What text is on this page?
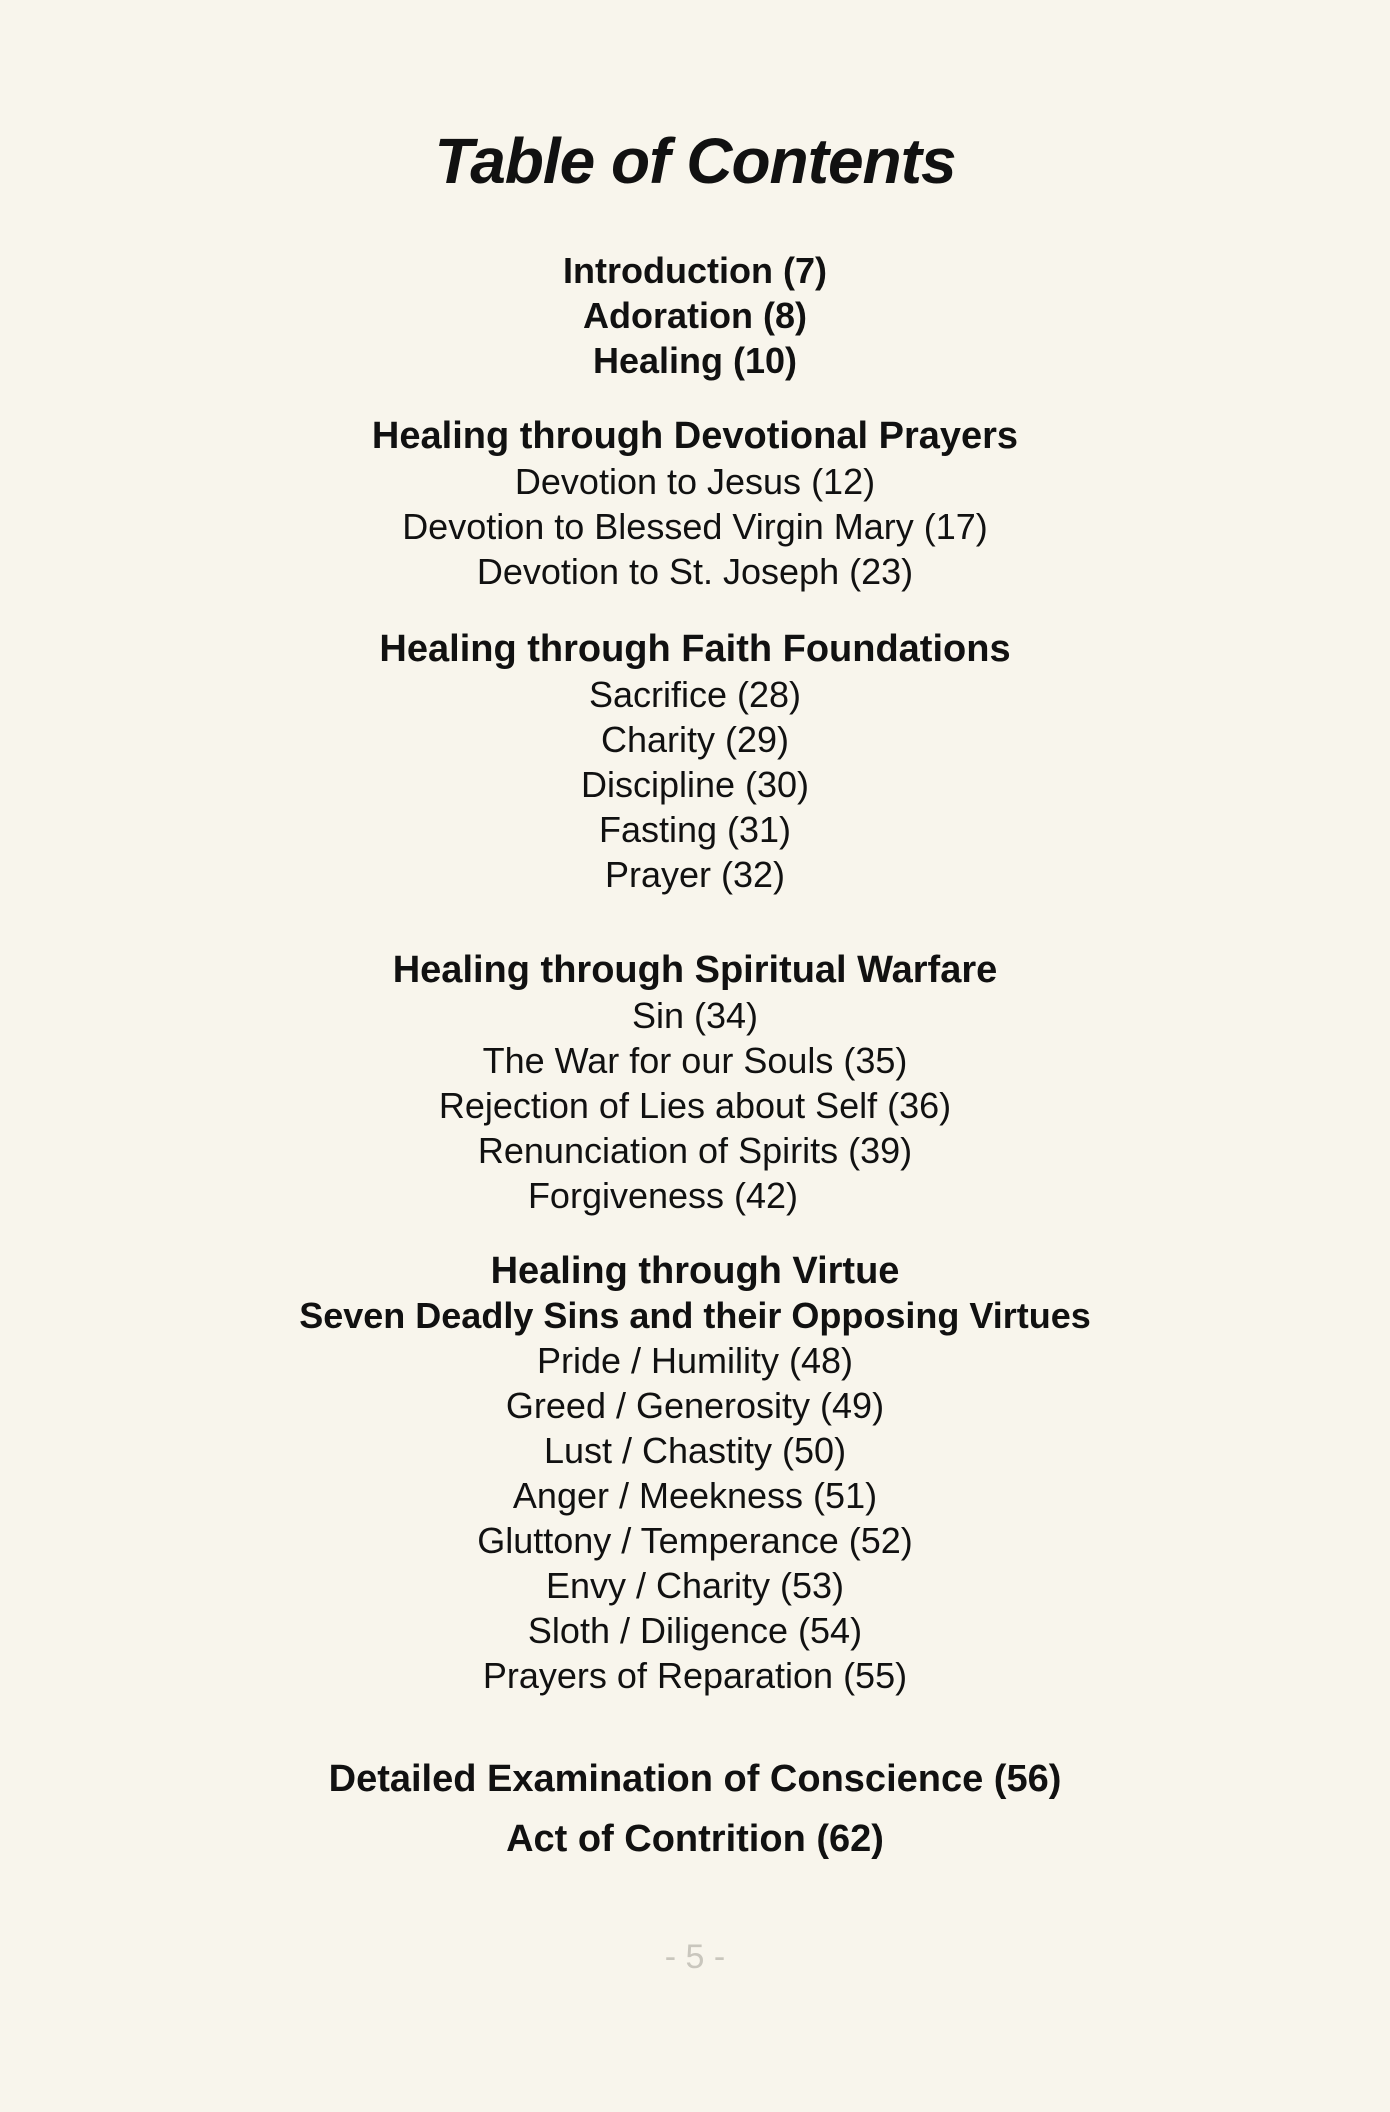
Table of Contents
Introduction (7)
Adoration (8)
Healing (10)
Healing through Devotional Prayers
Devotion to Jesus (12)
Devotion to Blessed Virgin Mary (17)
Devotion to St. Joseph (23)
Healing through Faith Foundations
Sacrifice (28)
Charity (29)
Discipline (30)
Fasting (31)
Prayer (32)
Healing through Spiritual Warfare
Sin (34)
The War for our Souls (35)
Rejection of Lies about Self (36)
Renunciation of Spirits (39)
Forgiveness (42)
Healing through Virtue
Seven Deadly Sins and their Opposing Virtues
Pride / Humility (48)
Greed / Generosity (49)
Lust / Chastity (50)
Anger / Meekness (51)
Gluttony / Temperance (52)
Envy / Charity (53)
Sloth / Diligence (54)
Prayers of Reparation (55)
Detailed Examination of Conscience (56)
Act of Contrition (62)
- 5 -
